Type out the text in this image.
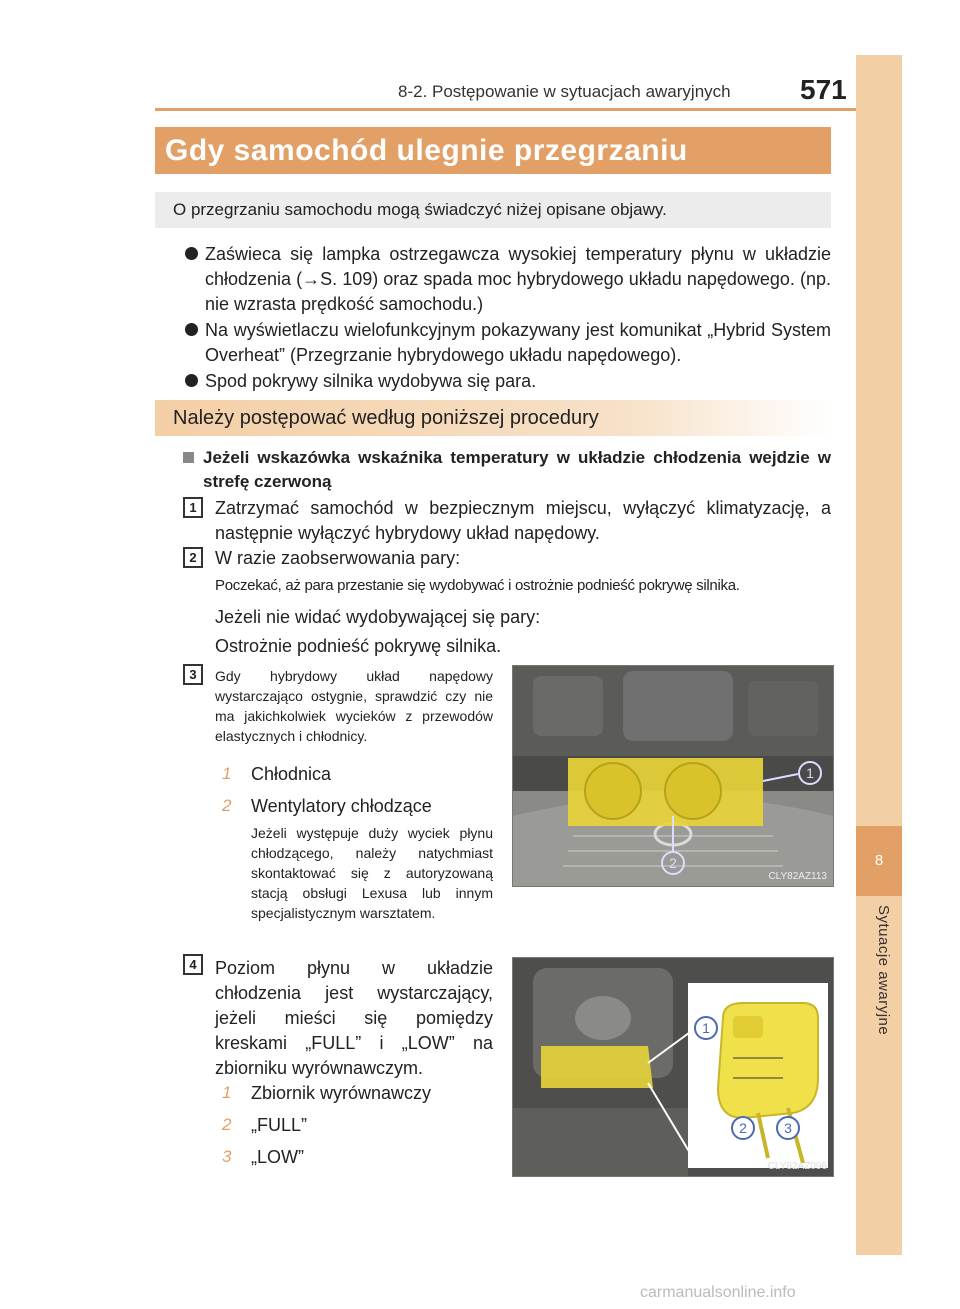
8
Sytuacje awaryjne
8-2. Postępowanie w sytuacjach awaryjnych 571
Gdy samochód ulegnie przegrzaniu
O przegrzaniu samochodu mogą świadczyć niżej opisane objawy.
Zaświeca się lampka ostrzegawcza wysokiej temperatury płynu w układzie chłodzenia (→S. 109) oraz spada moc hybrydowego układu napędowego. (np. nie wzrasta prędkość samochodu.)
Na wyświetlaczu wielofunkcyjnym pokazywany jest komunikat „Hybrid System Overheat” (Przegrzanie hybrydowego układu napędowego).
Spod pokrywy silnika wydobywa się para.
Należy postępować według poniższej procedury
Jeżeli wskazówka wskaźnika temperatury w układzie chłodzenia wejdzie w strefę czerwoną
1	Zatrzymać samochód w bezpiecznym miejscu, wyłączyć klimatyzację, a następnie wyłączyć hybrydowy układ napędowy.
2	W razie zaobserwowania pary:
Poczekać, aż para przestanie się wydobywać i ostrożnie podnieść pokrywę silnika.
Jeżeli nie widać wydobywającej się pary:
Ostrożnie podnieść pokrywę silnika.
3	Gdy hybrydowy układ napędowy wystarczająco ostygnie, sprawdzić czy nie ma jakichkolwiek wycieków z przewodów elastycznych i chłodnicy.
1	Chłodnica
2	Wentylatory chłodzące
Jeżeli występuje duży wyciek płynu chłodzącego, należy natychmiast skontaktować się z autoryzowaną stacją obsługi Lexusa lub innym specjalistycznym warsztatem.
1
2
CLY82AZ113
4	Poziom płynu w układzie chłodzenia jest wystarczający, jeżeli mieści się pomiędzy kreskami „FULL” i „LOW” na zbiorniku wyrównawczym.
1	Zbiornik wyrównawczy
2	„FULL”
3	„LOW”
1
2	3
CLY82AZ096
carmanualsonline.info
